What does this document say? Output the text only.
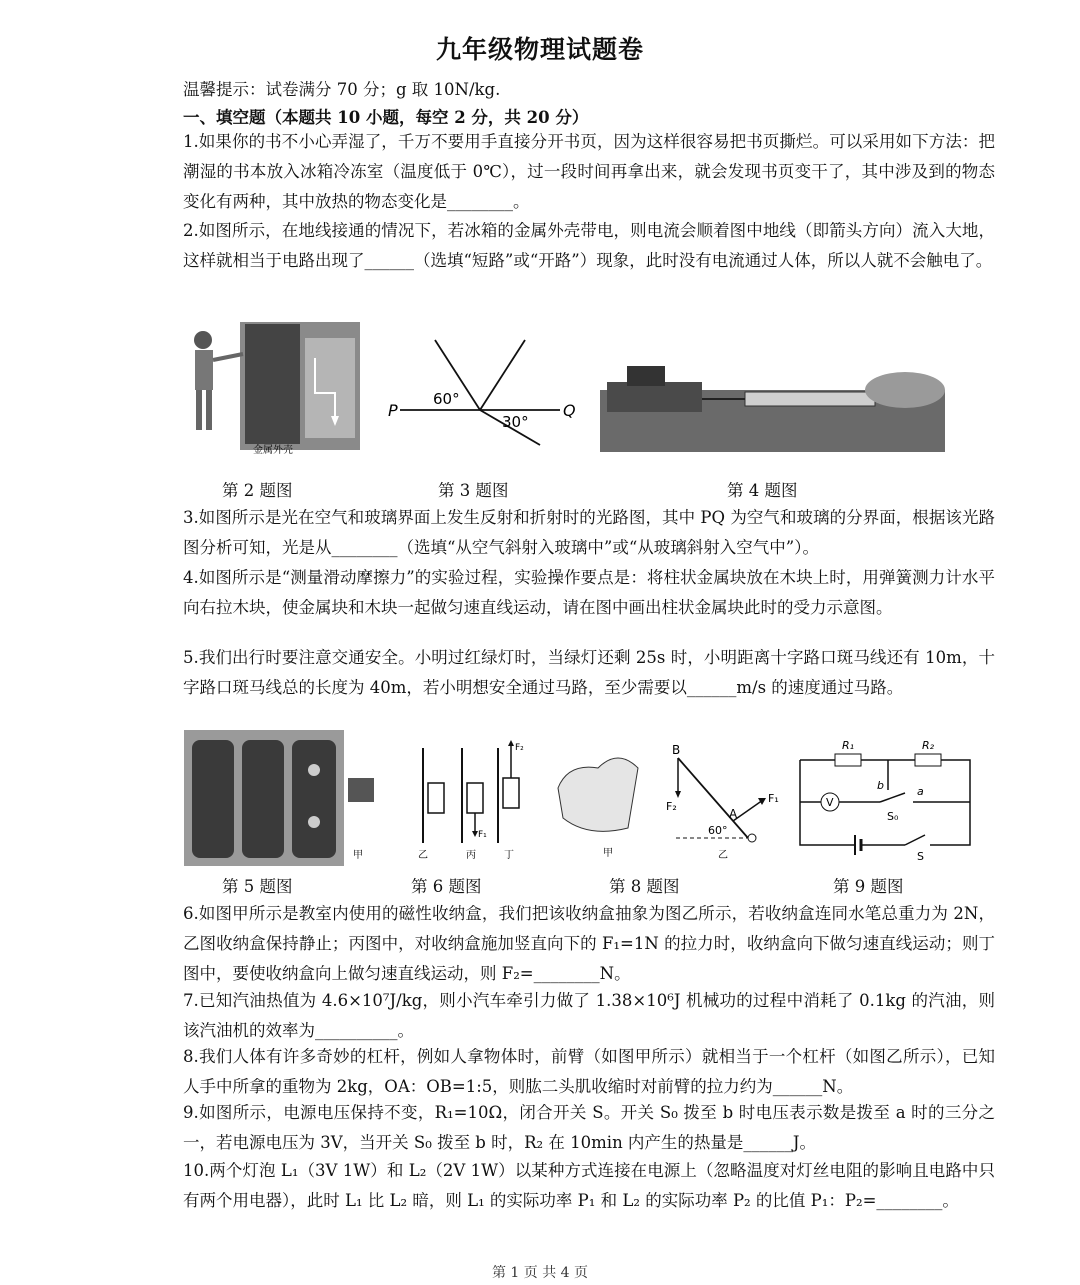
九年级物理试题卷
温馨提示：试卷满分 70 分；g 取 10N/kg.
一、填空题（本题共 10 小题，每空 2 分，共 20 分）
1.如果你的书不小心弄湿了，千万不要用手直接分开书页，因为这样很容易把书页撕烂。可以采用如下方法：把潮湿的书本放入冰箱冷冻室（温度低于 0℃），过一段时间再拿出来，就会发现书页变干了，其中涉及到的物态变化有两种，其中放热的物态变化是________。
2.如图所示，在地线接通的情况下，若冰箱的金属外壳带电，则电流会顺着图中地线（即箭头方向）流入大地，这样就相当于电路出现了______（选填“短路”或“开路”）现象，此时没有电流通过人体，所以人就不会触电了。
金属外壳
P	Q
60°
30°
第 2 题图	第 3 题图	第 4 题图
3.如图所示是光在空气和玻璃界面上发生反射和折射时的光路图，其中 PQ 为空气和玻璃的分界面，根据该光路图分析可知，光是从________（选填“从空气斜射入玻璃中”或“从玻璃斜射入空气中”）。
4.如图所示是“测量滑动摩擦力”的实验过程，实验操作要点是：将柱状金属块放在木块上时，用弹簧测力计水平向右拉木块，使金属块和木块一起做匀速直线运动，请在图中画出柱状金属块此时的受力示意图。
5.我们出行时要注意交通安全。小明过红绿灯时，当绿灯还剩 25s 时，小明距离十字路口斑马线还有 10m，十字路口斑马线总的长度为 40m，若小明想安全通过马路，至少需要以______m/s 的速度通过马路。
F₁
F₂
甲	乙	丙	丁	甲
B
A
F₂
F₁
60°
乙
V
R₁	R₂
b	a
S₀
S
第 5 题图	第 6 题图	第 8 题图	第 9 题图
6.如图甲所示是教室内使用的磁性收纳盒，我们把该收纳盒抽象为图乙所示，若收纳盒连同水笔总重力为 2N，乙图收纳盒保持静止；丙图中，对收纳盒施加竖直向下的 F₁=1N 的拉力时，收纳盒向下做匀速直线运动；则丁图中，要使收纳盒向上做匀速直线运动，则 F₂=________N。
7.已知汽油热值为 4.6×10⁷J/kg，则小汽车牵引力做了 1.38×10⁶J 机械功的过程中消耗了 0.1kg 的汽油，则该汽油机的效率为__________。
8.我们人体有许多奇妙的杠杆，例如人拿物体时，前臂（如图甲所示）就相当于一个杠杆（如图乙所示），已知人手中所拿的重物为 2kg，OA：OB=1:5，则肱二头肌收缩时对前臂的拉力约为______N。
9.如图所示，电源电压保持不变，R₁=10Ω，闭合开关 S。开关 S₀ 拨至 b 时电压表示数是拨至 a 时的三分之一，若电源电压为 3V，当开关 S₀ 拨至 b 时，R₂ 在 10min 内产生的热量是______J。
10.两个灯泡 L₁（3V 1W）和 L₂（2V 1W）以某种方式连接在电源上（忽略温度对灯丝电阻的影响且电路中只有两个用电器），此时 L₁ 比 L₂ 暗，则 L₁ 的实际功率 P₁ 和 L₂ 的实际功率 P₂ 的比值 P₁：P₂=________。
第 1 页 共 4 页
